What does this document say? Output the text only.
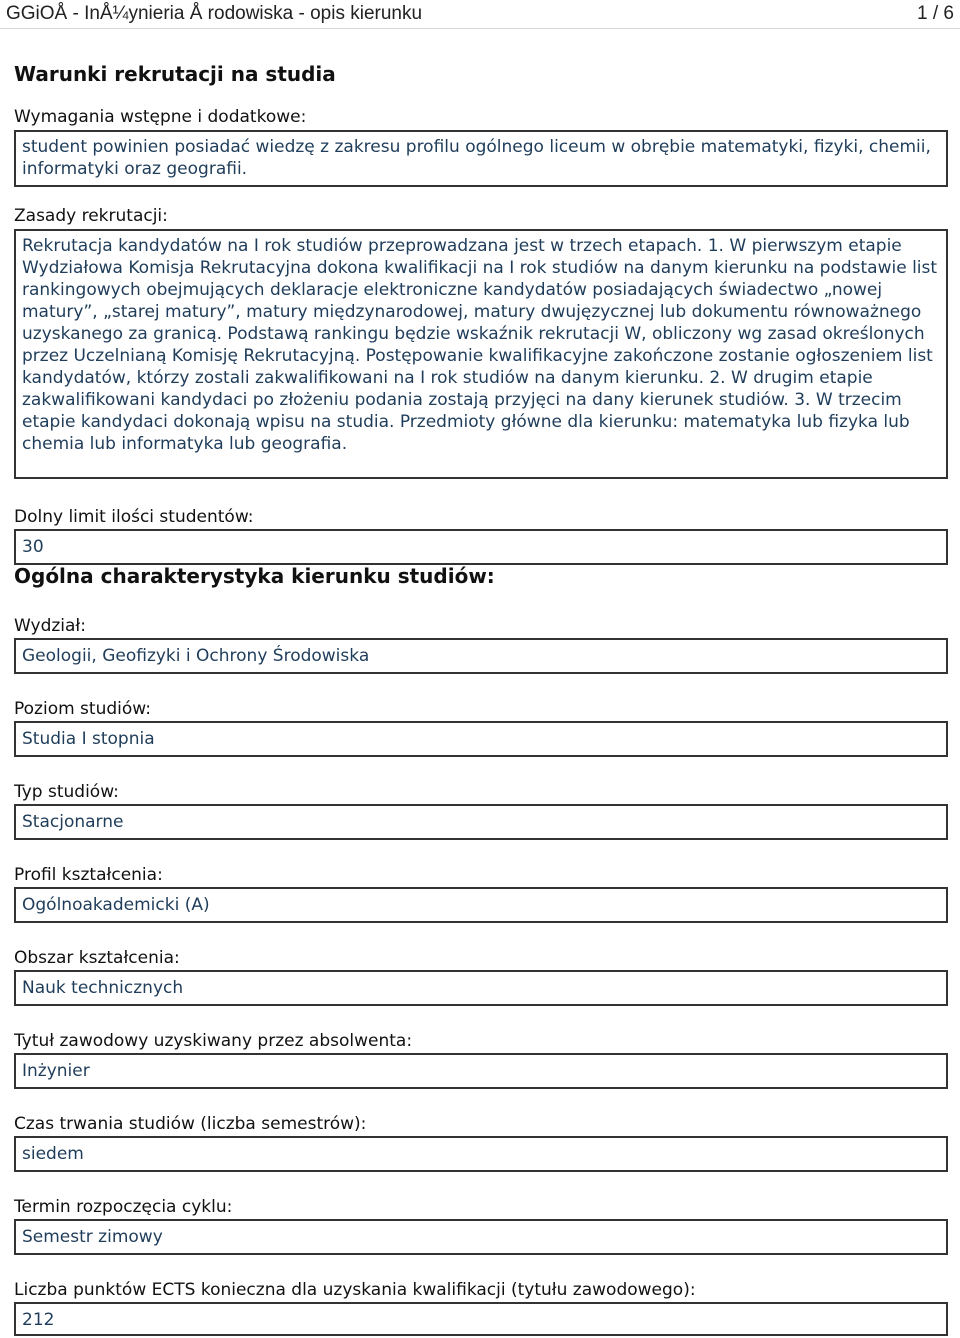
GGiOÅ - InÅ¼ynieria Å rodowiska - opis kierunku	1 / 6
Warunki rekrutacji na studia
Wymagania wstępne i dodatkowe:
student powinien posiadać wiedzę z zakresu profilu ogólnego liceum w obrębie matematyki, fizyki, chemii, informatyki oraz geografii.
Zasady rekrutacji:
Rekrutacja kandydatów na I rok studiów przeprowadzana jest w trzech etapach. 1. W pierwszym etapie Wydziałowa Komisja Rekrutacyjna dokona kwalifikacji na I rok studiów na danym kierunku na podstawie list rankingowych obejmujących deklaracje elektroniczne kandydatów posiadających świadectwo „nowej matury”, „starej matury”, matury międzynarodowej, matury dwujęzycznej lub dokumentu równoważnego uzyskanego za granicą. Podstawą rankingu będzie wskaźnik rekrutacji W, obliczony wg zasad określonych przez Uczelnianą Komisję Rekrutacyjną. Postępowanie kwalifikacyjne zakończone zostanie ogłoszeniem list kandydatów, którzy zostali zakwalifikowani na I rok studiów na danym kierunku. 2. W drugim etapie zakwalifikowani kandydaci po złożeniu podania zostają przyjęci na dany kierunek studiów. 3. W trzecim etapie kandydaci dokonają wpisu na studia. Przedmioty główne dla kierunku: matematyka lub fizyka lub chemia lub informatyka lub geografia.
Dolny limit ilości studentów:
30
Ogólna charakterystyka kierunku studiów:
Wydział:
Geologii, Geofizyki i Ochrony Środowiska
Poziom studiów:
Studia I stopnia
Typ studiów:
Stacjonarne
Profil kształcenia:
Ogólnoakademicki (A)
Obszar kształcenia:
Nauk technicznych
Tytuł zawodowy uzyskiwany przez absolwenta:
Inżynier
Czas trwania studiów (liczba semestrów):
siedem
Termin rozpoczęcia cyklu:
Semestr zimowy
Liczba punktów ECTS konieczna dla uzyskania kwalifikacji (tytułu zawodowego):
212
